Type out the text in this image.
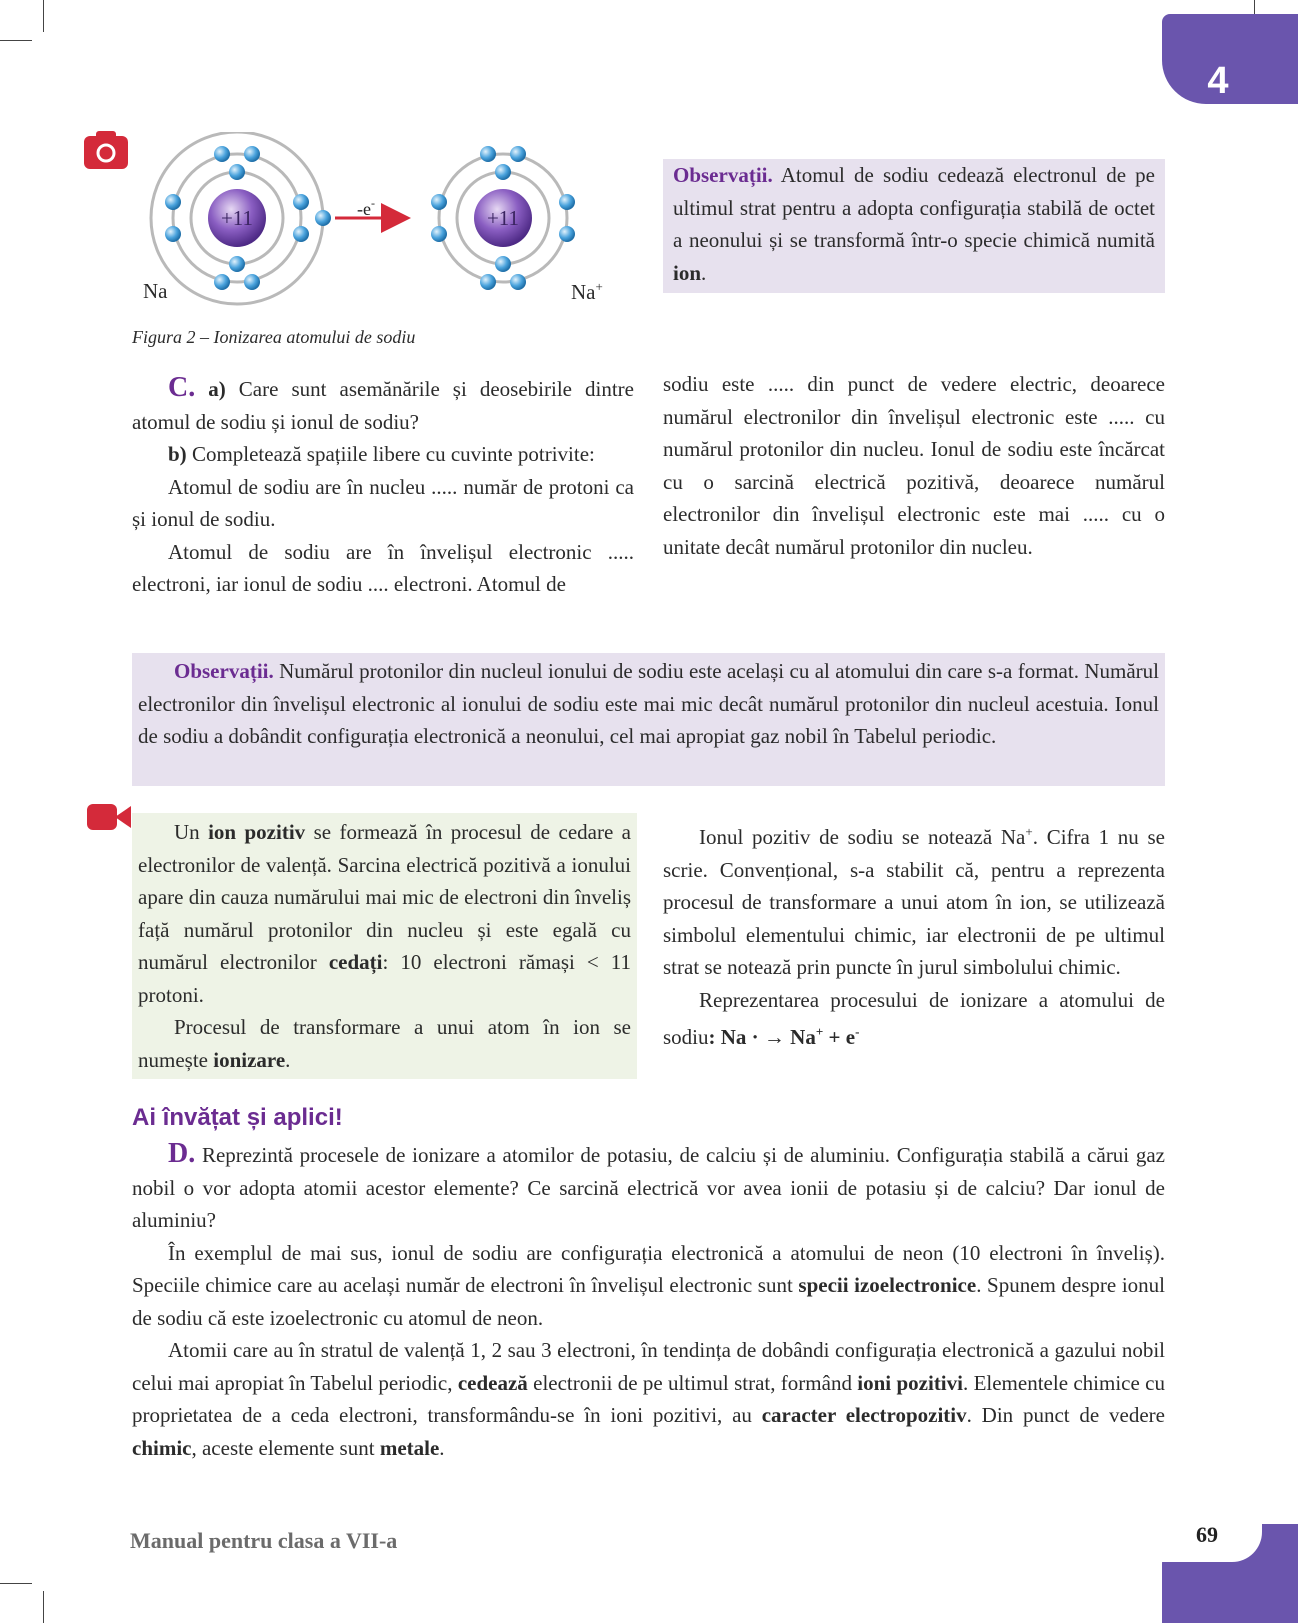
4
+11	-e-
+11
Na	Na+
Figura 2 – Ionizarea atomului de sodiu
Observații. Atomul de sodiu cedează electronul de pe ultimul strat pentru a adopta configurația stabilă de octet a neonului și se transformă într-o specie chimică numită ion.
C. a) Care sunt asemănările și deosebirile dintre atomul de sodiu și ionul de sodiu?
b) Completează spațiile libere cu cuvinte potrivite:
Atomul de sodiu are în nucleu ..... număr de protoni ca și ionul de sodiu.
Atomul de sodiu are în învelișul electronic ..... electroni, iar ionul de sodiu .... electroni. Atomul de
sodiu este ..... din punct de vedere electric, deoarece numărul electronilor din învelișul electronic este ..... cu numărul protonilor din nucleu. Ionul de sodiu este încărcat cu o sarcină electrică pozitivă, deoarece numărul electronilor din învelișul electronic este mai ..... cu o unitate decât numărul protonilor din nucleu.
Observații. Numărul protonilor din nucleul ionului de sodiu este același cu al atomului din care s-a format. Numărul electronilor din învelișul electronic al ionului de sodiu este mai mic decât numărul protonilor din nucleul acestuia. Ionul de sodiu a dobândit configurația electronică a neonului, cel mai apropiat gaz nobil în Tabelul periodic.
Un ion pozitiv se formează în procesul de cedare a electronilor de valență. Sarcina electrică pozitivă a ionului apare din cauza numărului mai mic de electroni din înveliș față numărul protonilor din nucleu și este egală cu numărul electronilor cedați: 10 electroni rămași < 11 protoni.
Procesul de transformare a unui atom în ion se numește ionizare.
Ionul pozitiv de sodiu se notează Na+. Cifra 1 nu se scrie. Convențional, s-a stabilit că, pentru a reprezenta procesul de transformare a unui atom în ion, se utilizează simbolul elementului chimic, iar electronii de pe ultimul strat se notează prin puncte în jurul simbolului chimic.
Reprezentarea procesului de ionizare a atomului de sodiu: Na · → Na+ + e-
Ai învățat și aplici!
D. Reprezintă procesele de ionizare a atomilor de potasiu, de calciu și de aluminiu. Configurația stabilă a cărui gaz nobil o vor adopta atomii acestor elemente? Ce sarcină electrică vor avea ionii de potasiu și de calciu? Dar ionul de aluminiu?
În exemplul de mai sus, ionul de sodiu are configurația electronică a atomului de neon (10 electroni în înveliș). Speciile chimice care au același număr de electroni în învelișul electronic sunt specii izoelectronice. Spunem despre ionul de sodiu că este izoelectronic cu atomul de neon.
Atomii care au în stratul de valență 1, 2 sau 3 electroni, în tendința de dobândi configurația electronică a gazului nobil celui mai apropiat în Tabelul periodic, cedează electronii de pe ultimul strat, formând ioni pozitivi. Elementele chimice cu proprietatea de a ceda electroni, transformându-se în ioni pozitivi, au caracter electropozitiv. Din punct de vedere chimic, aceste elemente sunt metale.
Manual pentru clasa a VII-a	69
